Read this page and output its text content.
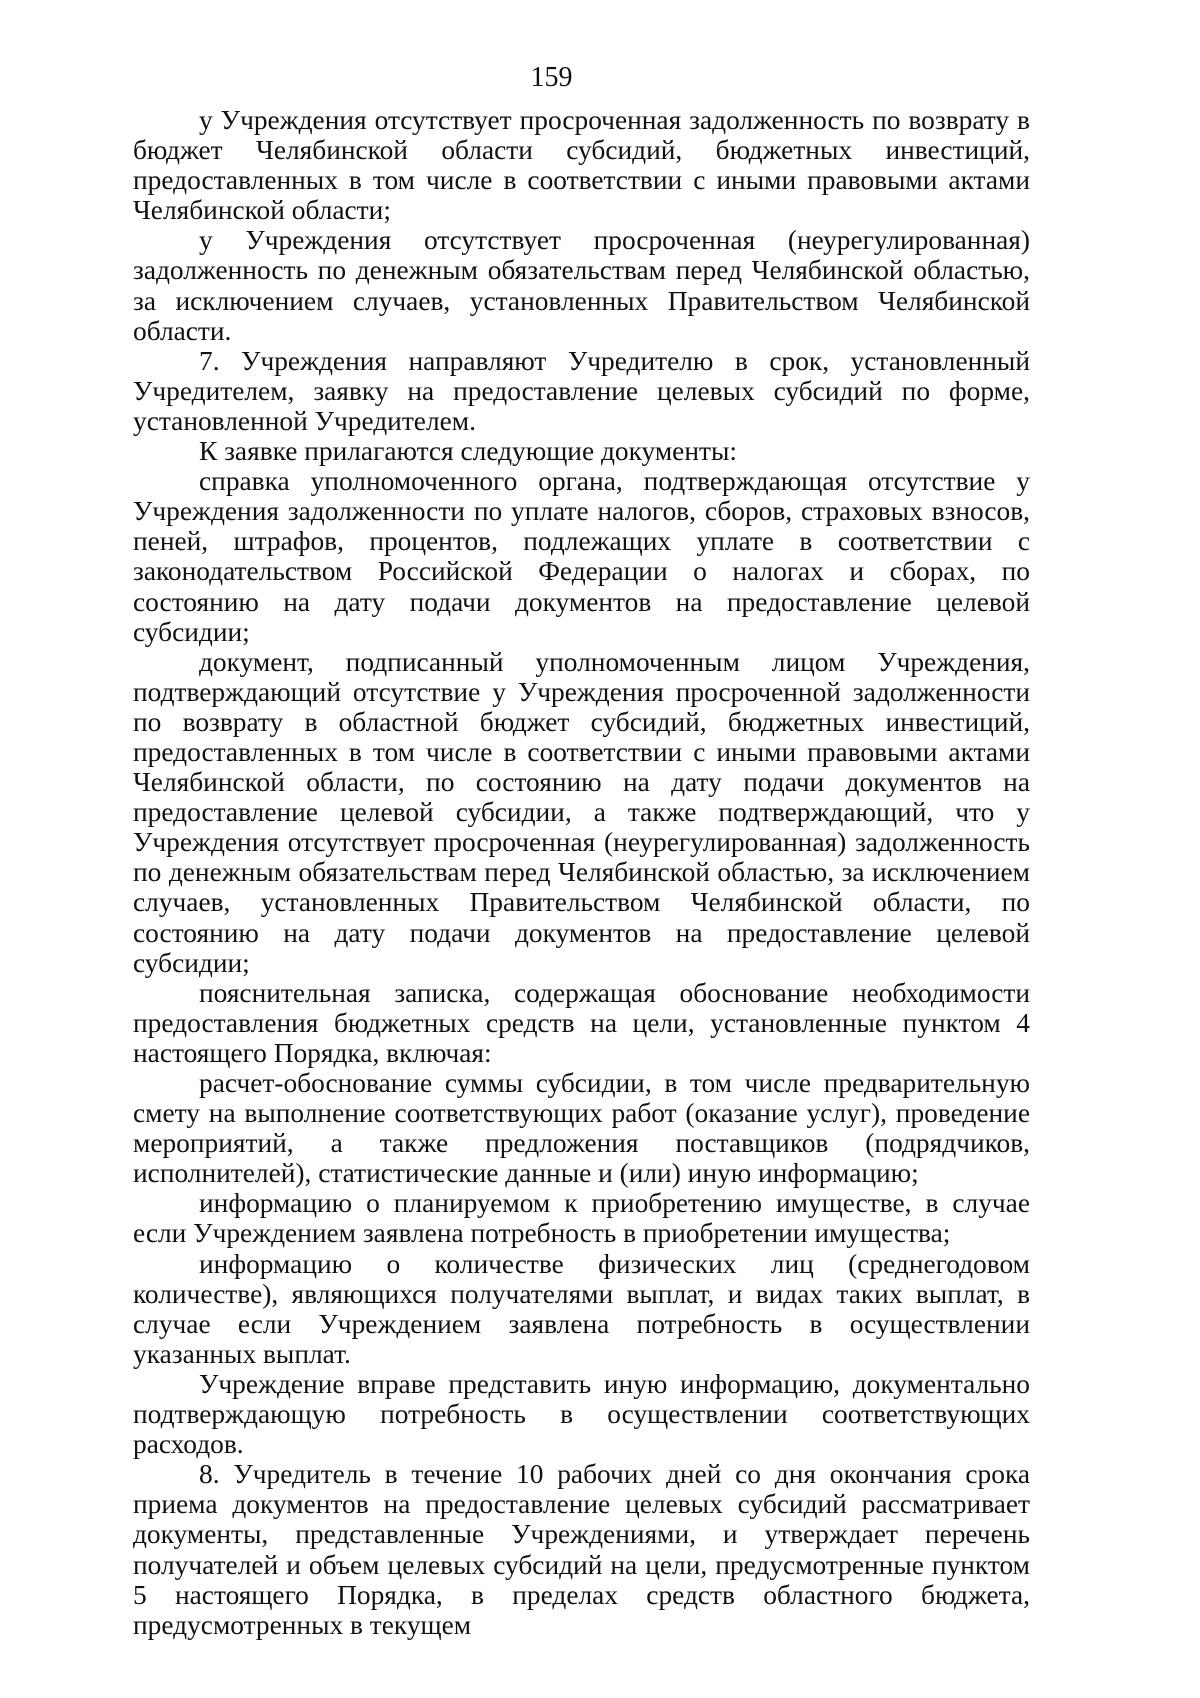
159

у Учреждения отсутствует просроченная задолженность по возврату в бюджет Челябинской области субсидий, бюджетных инвестиций, предоставленных в том числе в соответствии с иными правовыми актами Челябинской области;

у Учреждения отсутствует просроченная (неурегулированная) задолженность по денежным обязательствам перед Челябинской областью, за исключением случаев, установленных Правительством Челябинской области.

7. Учреждения направляют Учредителю в срок, установленный Учредителем, заявку на предоставление целевых субсидий по форме, установленной Учредителем.

К заявке прилагаются следующие документы:

справка уполномоченного органа, подтверждающая отсутствие у Учреждения задолженности по уплате налогов, сборов, страховых взносов, пеней, штрафов, процентов, подлежащих уплате в соответствии с законодательством Российской Федерации о налогах и сборах, по состоянию на дату подачи документов на предоставление целевой субсидии;

документ, подписанный уполномоченным лицом Учреждения, подтверждающий отсутствие у Учреждения просроченной задолженности по возврату в областной бюджет субсидий, бюджетных инвестиций, предоставленных в том числе в соответствии с иными правовыми актами Челябинской области, по состоянию на дату подачи документов на предоставление целевой субсидии, а также подтверждающий, что у Учреждения отсутствует просроченная (неурегулированная) задолженность по денежным обязательствам перед Челябинской областью, за исключением случаев, установленных Правительством Челябинской области, по состоянию на дату подачи документов на предоставление целевой субсидии;

пояснительная записка, содержащая обоснование необходимости предоставления бюджетных средств на цели, установленные пунктом 4 настоящего Порядка, включая:

расчет-обоснование суммы субсидии, в том числе предварительную смету на выполнение соответствующих работ (оказание услуг), проведение мероприятий, а также предложения поставщиков (подрядчиков, исполнителей), статистические данные и (или) иную информацию;

информацию о планируемом к приобретению имуществе, в случае если Учреждением заявлена потребность в приобретении имущества;

информацию о количестве физических лиц (среднегодовом количестве), являющихся получателями выплат, и видах таких выплат, в случае если Учреждением заявлена потребность в осуществлении указанных выплат.

Учреждение вправе представить иную информацию, документально подтверждающую потребность в осуществлении соответствующих расходов.

8. Учредитель в течение 10 рабочих дней со дня окончания срока приема документов на предоставление целевых субсидий рассматривает документы, представленные Учреждениями, и утверждает перечень получателей и объем целевых субсидий на цели, предусмотренные пунктом 5 настоящего Порядка, в пределах средств областного бюджета, предусмотренных в текущем
